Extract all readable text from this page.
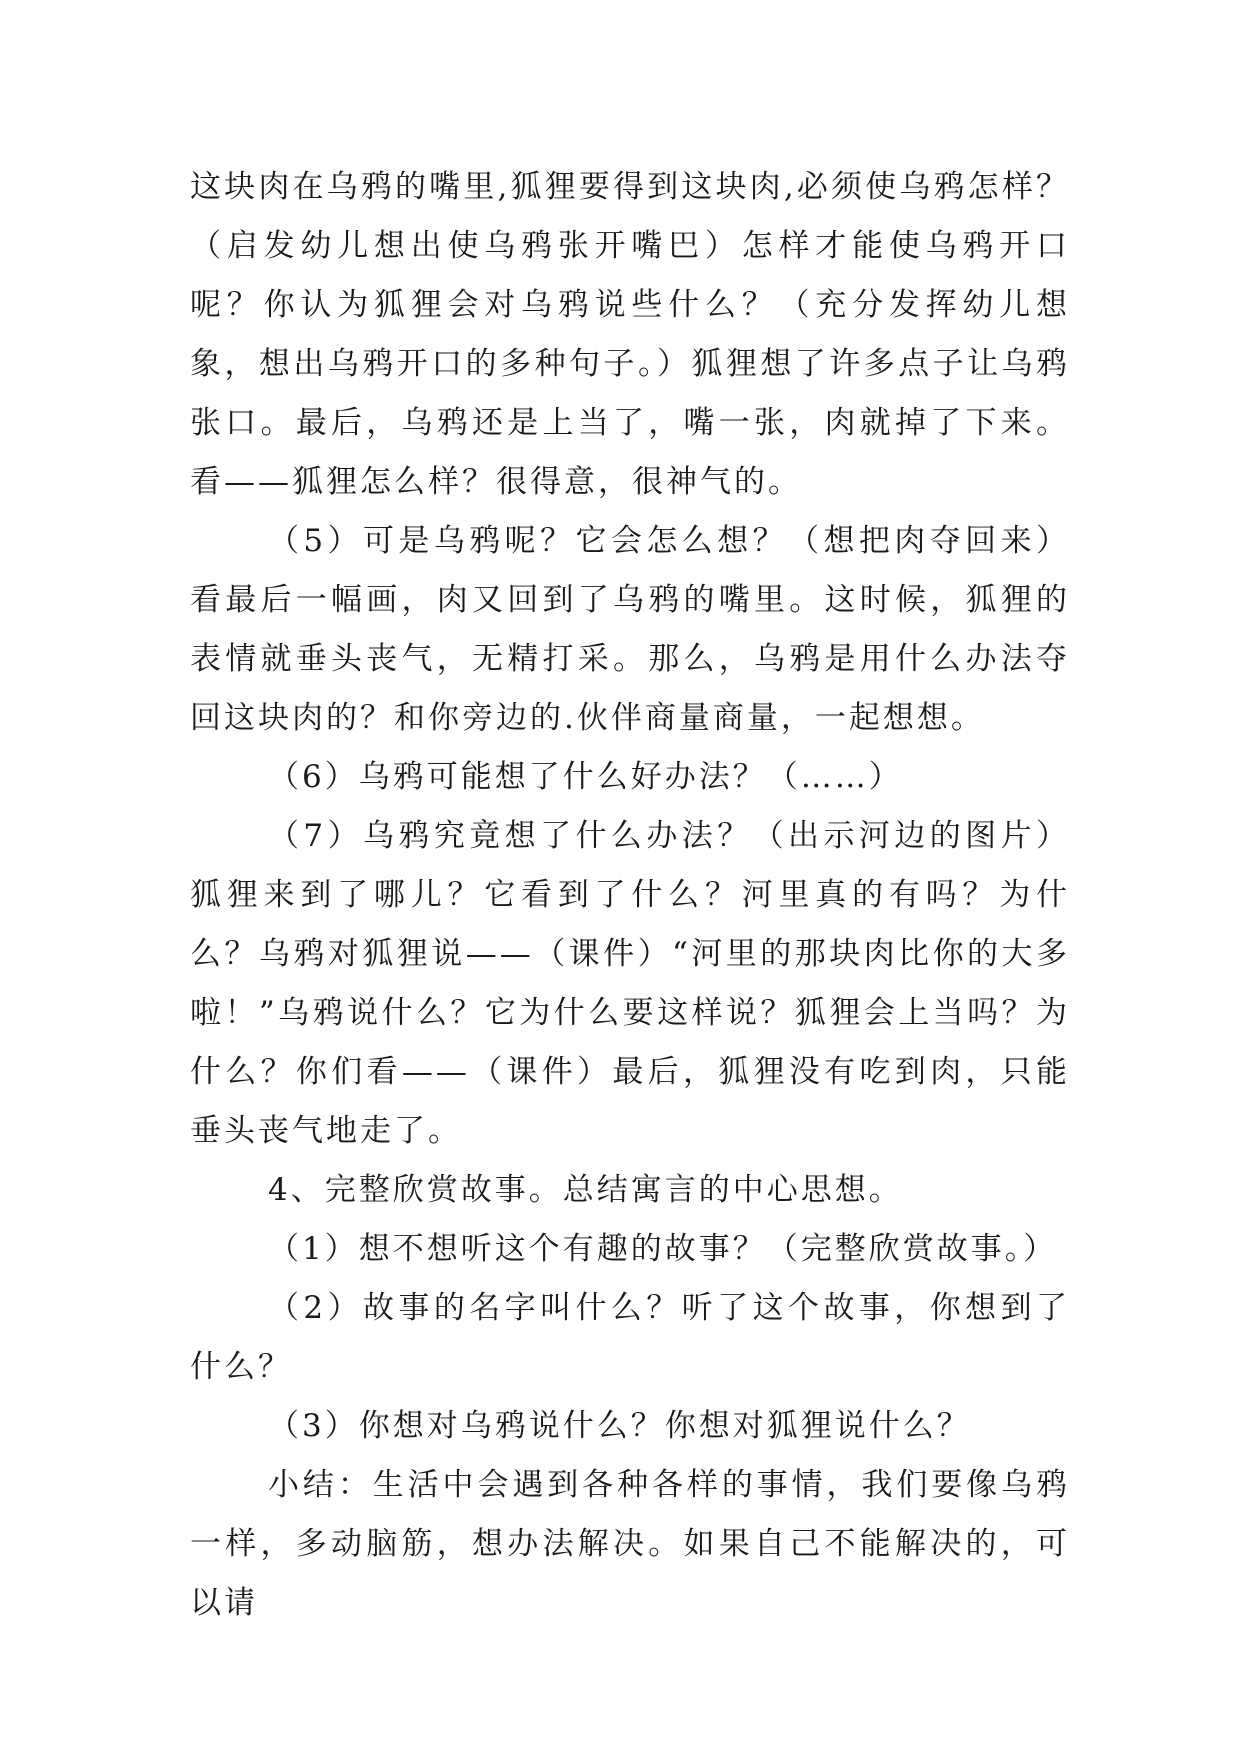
这块肉在乌鸦的嘴里,狐狸要得到这块肉,必须使乌鸦怎样？（启发幼儿想出使乌鸦张开嘴巴）怎样才能使乌鸦开口呢？你认为狐狸会对乌鸦说些什么？（充分发挥幼儿想象，想出乌鸦开口的多种句子。）狐狸想了许多点子让乌鸦张口。最后，乌鸦还是上当了，嘴一张，肉就掉了下来。看——狐狸怎么样？很得意，很神气的。

（5）可是乌鸦呢？它会怎么想？（想把肉夺回来）看最后一幅画，肉又回到了乌鸦的嘴里。这时候，狐狸的表情就垂头丧气，无精打采。那么，乌鸦是用什么办法夺回这块肉的？和你旁边的.伙伴商量商量，一起想想。

（6）乌鸦可能想了什么好办法？（……）

（7）乌鸦究竟想了什么办法？（出示河边的图片）狐狸来到了哪儿？它看到了什么？河里真的有吗？为什么？乌鸦对狐狸说——（课件）“河里的那块肉比你的大多啦！”乌鸦说什么？它为什么要这样说？狐狸会上当吗？为什么？你们看——（课件）最后，狐狸没有吃到肉，只能垂头丧气地走了。

4、完整欣赏故事。总结寓言的中心思想。

（1）想不想听这个有趣的故事？（完整欣赏故事。）

（2）故事的名字叫什么？听了这个故事，你想到了什么？

（3）你想对乌鸦说什么？你想对狐狸说什么？

小结：生活中会遇到各种各样的事情，我们要像乌鸦一样，多动脑筋，想办法解决。如果自己不能解决的，可以请
